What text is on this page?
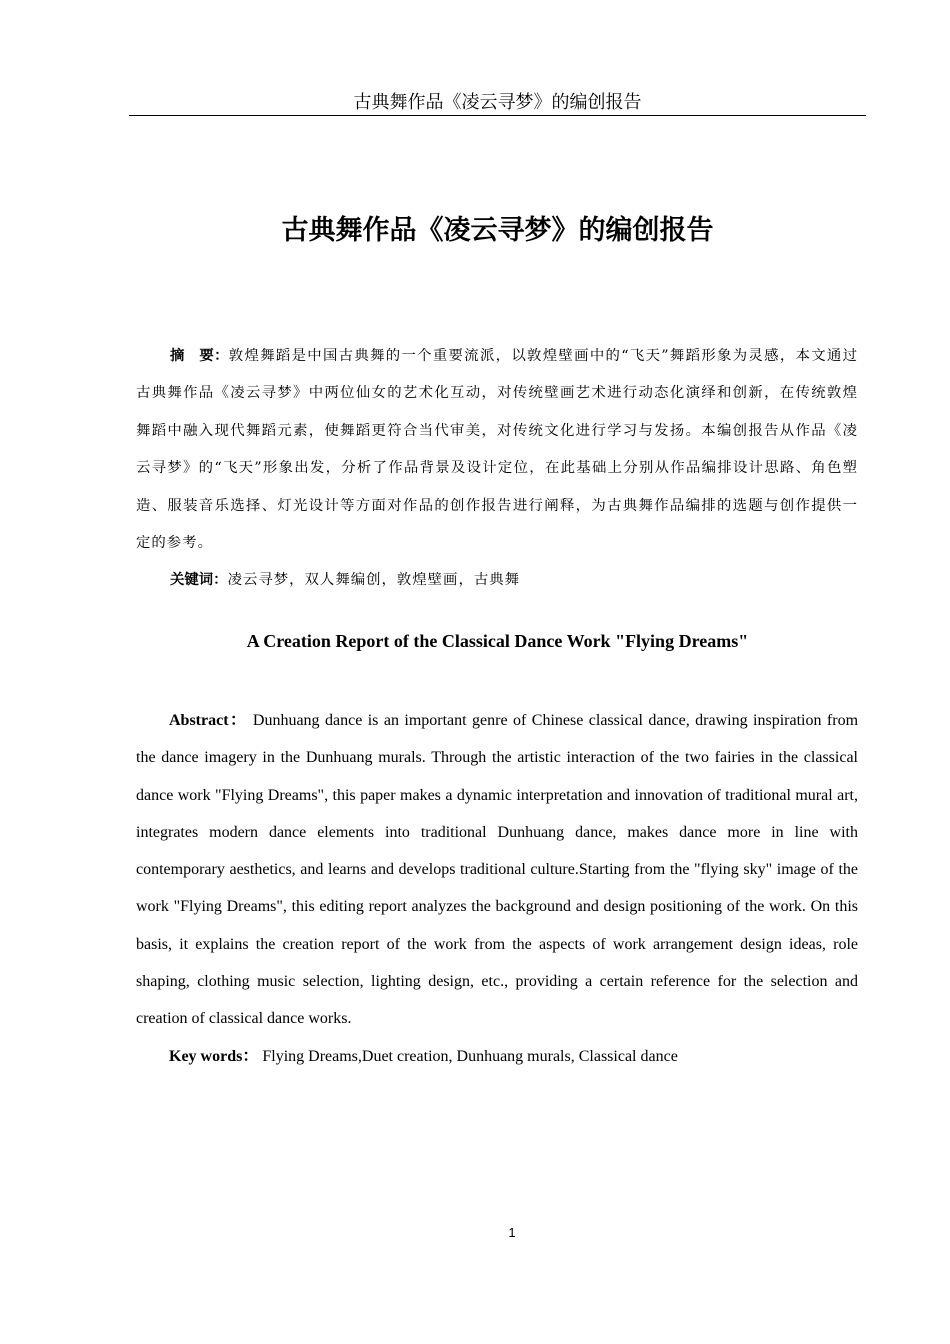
古典舞作品《凌云寻梦》的编创报告
古典舞作品《凌云寻梦》的编创报告

摘　要：敦煌舞蹈是中国古典舞的一个重要流派，以敦煌壁画中的“飞天”舞蹈形象为灵感，本文通过古典舞作品《凌云寻梦》中两位仙女的艺术化互动，对传统壁画艺术进行动态化演绎和创新，在传统敦煌舞蹈中融入现代舞蹈元素，使舞蹈更符合当代审美，对传统文化进行学习与发扬。本编创报告从作品《凌云寻梦》的“飞天”形象出发，分析了作品背景及设计定位，在此基础上分别从作品编排设计思路、角色塑造、服装音乐选择、灯光设计等方面对作品的创作报告进行阐释，为古典舞作品编排的选题与创作提供一定的参考。

关键词：凌云寻梦，双人舞编创，敦煌壁画，古典舞

A Creation Report of the Classical Dance Work "Flying Dreams"

Abstract： Dunhuang dance is an important genre of Chinese classical dance, drawing inspiration from the dance imagery in the Dunhuang murals. Through the artistic interaction of the two fairies in the classical dance work "Flying Dreams", this paper makes a dynamic interpretation and innovation of traditional mural art, integrates modern dance elements into traditional Dunhuang dance, makes dance more in line with contemporary aesthetics, and learns and develops traditional culture.Starting from the "flying sky" image of the work "Flying Dreams", this editing report analyzes the background and design positioning of the work. On this basis, it explains the creation report of the work from the aspects of work arrangement design ideas, role shaping, clothing music selection, lighting design, etc., providing a certain reference for the selection and creation of classical dance works.

Key words： Flying Dreams,Duet creation, Dunhuang murals, Classical dance

1
